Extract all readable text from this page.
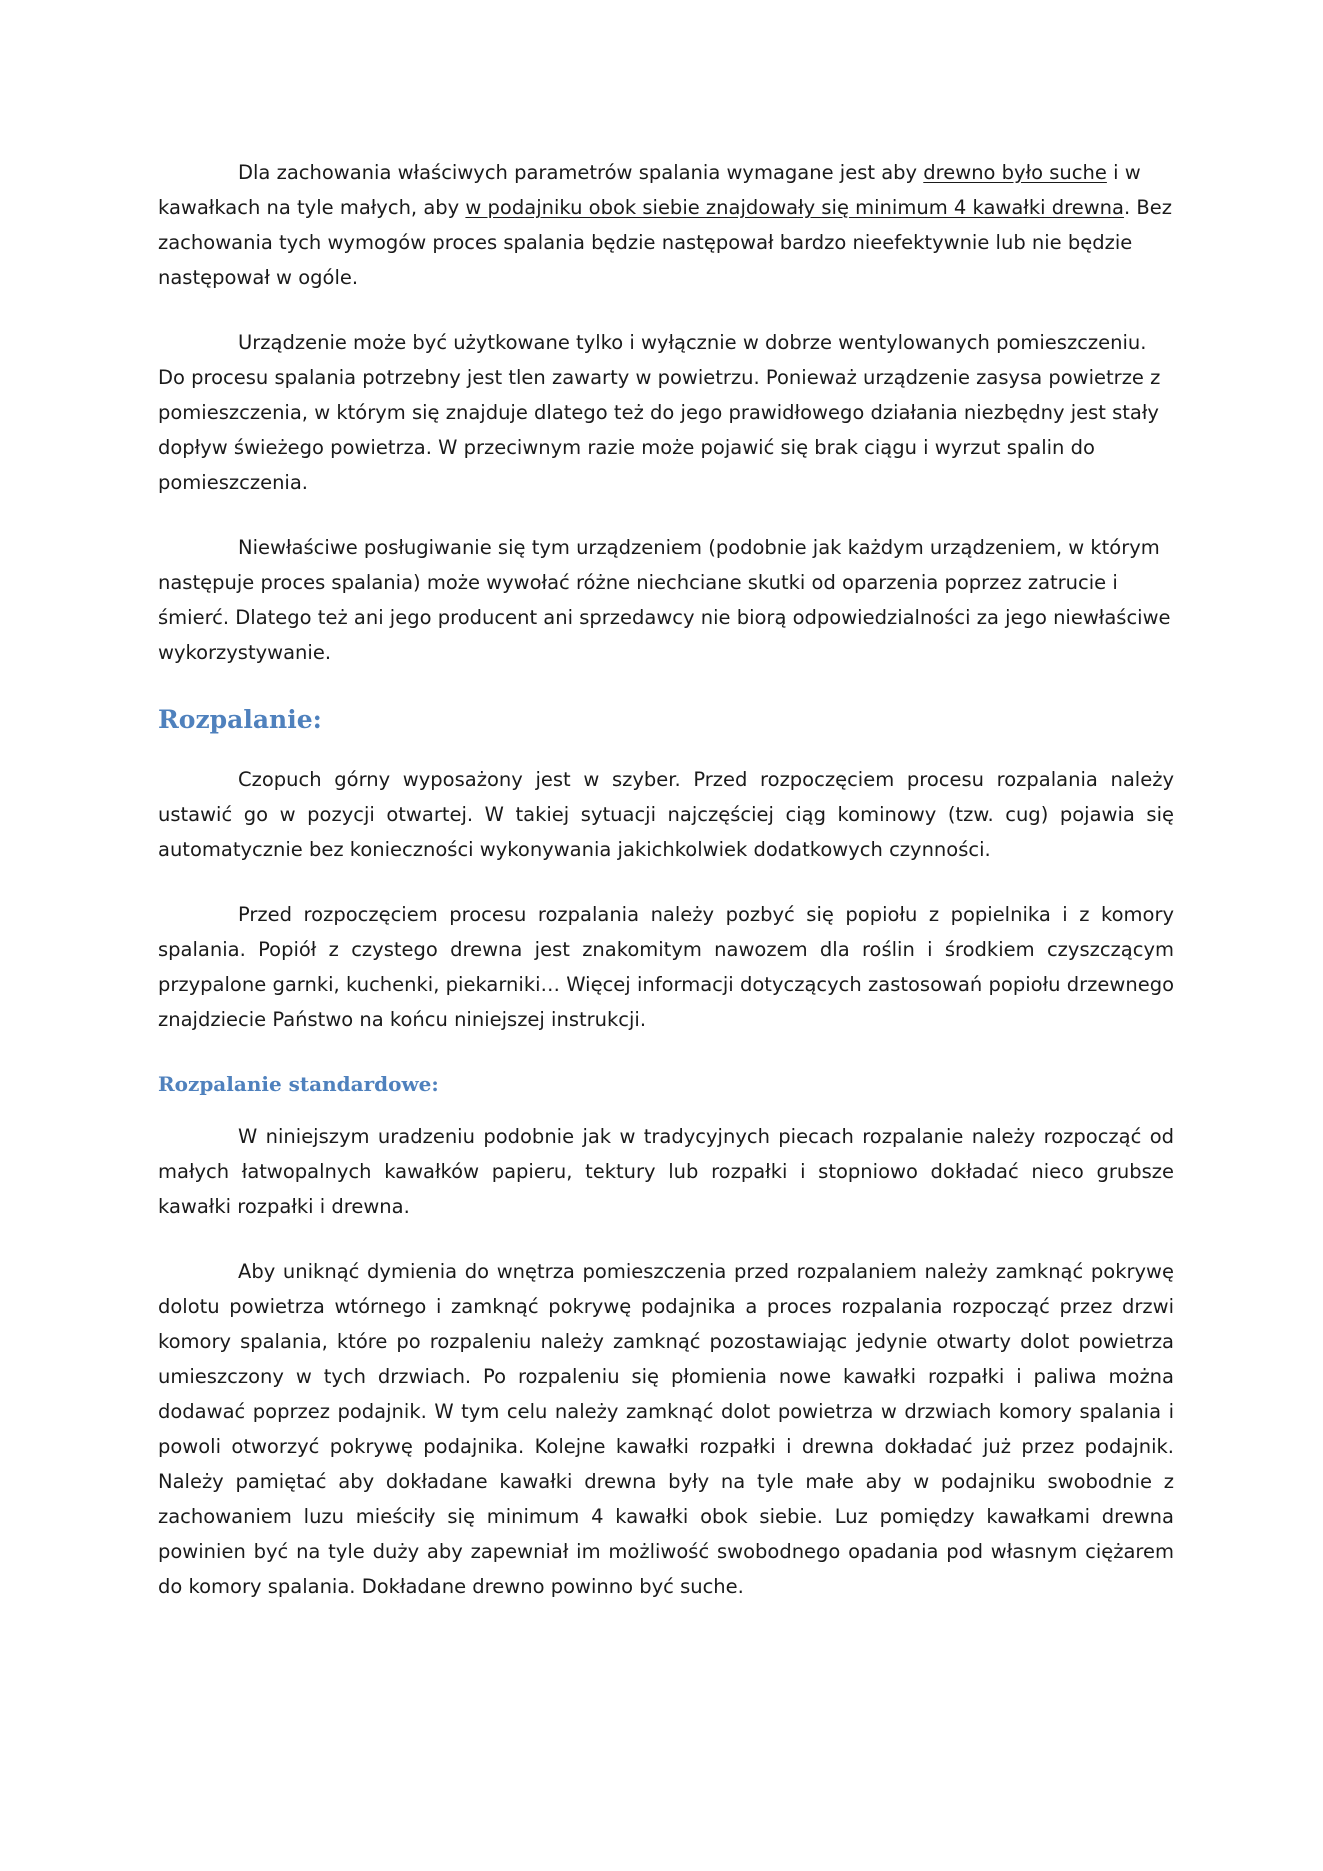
Dla zachowania właściwych parametrów spalania wymagane jest aby drewno było suche i w kawałkach na tyle małych, aby w podajniku obok siebie znajdowały się minimum 4 kawałki drewna. Bez zachowania tych wymogów proces spalania będzie następował bardzo nieefektywnie lub nie będzie następował w ogóle.

Urządzenie może być użytkowane tylko i wyłącznie w dobrze wentylowanych pomieszczeniu. Do procesu spalania potrzebny jest tlen zawarty w powietrzu. Ponieważ urządzenie zasysa powietrze z pomieszczenia, w którym się znajduje dlatego też do jego prawidłowego działania niezbędny jest stały dopływ świeżego powietrza. W przeciwnym razie może pojawić się brak ciągu i wyrzut spalin do pomieszczenia.

Niewłaściwe posługiwanie się tym urządzeniem (podobnie jak każdym urządzeniem, w którym następuje proces spalania) może wywołać różne niechciane skutki od oparzenia poprzez zatrucie i śmierć. Dlatego też ani jego producent ani sprzedawcy nie biorą odpowiedzialności za jego niewłaściwe wykorzystywanie.

Rozpalanie:

Czopuch górny wyposażony jest w szyber. Przed rozpoczęciem procesu rozpalania należy ustawić go w pozycji otwartej. W takiej sytuacji najczęściej ciąg kominowy (tzw. cug) pojawia się automatycznie bez konieczności wykonywania jakichkolwiek dodatkowych czynności.

Przed rozpoczęciem procesu rozpalania należy pozbyć się popiołu z popielnika i z komory spalania. Popiół z czystego drewna jest znakomitym nawozem dla roślin i środkiem czyszczącym przypalone garnki, kuchenki, piekarniki… Więcej informacji dotyczących zastosowań popiołu drzewnego znajdziecie Państwo na końcu niniejszej instrukcji.

Rozpalanie standardowe:

W niniejszym uradzeniu podobnie jak w tradycyjnych piecach rozpalanie należy rozpocząć od małych łatwopalnych kawałków papieru, tektury lub rozpałki i stopniowo dokładać nieco grubsze kawałki rozpałki i drewna.

Aby uniknąć dymienia do wnętrza pomieszczenia przed rozpalaniem należy zamknąć pokrywę dolotu powietrza wtórnego i zamknąć pokrywę podajnika a proces rozpalania rozpocząć przez drzwi komory spalania, które po rozpaleniu należy zamknąć pozostawiając jedynie otwarty dolot powietrza umieszczony w tych drzwiach. Po rozpaleniu się płomienia nowe kawałki rozpałki i paliwa można dodawać poprzez podajnik. W tym celu należy zamknąć dolot powietrza w drzwiach komory spalania i powoli otworzyć pokrywę podajnika. Kolejne kawałki rozpałki i drewna dokładać już przez podajnik. Należy pamiętać aby dokładane kawałki drewna były na tyle małe aby w podajniku swobodnie z zachowaniem luzu mieściły się minimum 4 kawałki obok siebie. Luz pomiędzy kawałkami drewna powinien być na tyle duży aby zapewniał im możliwość swobodnego opadania pod własnym ciężarem do komory spalania. Dokładane drewno powinno być suche.
